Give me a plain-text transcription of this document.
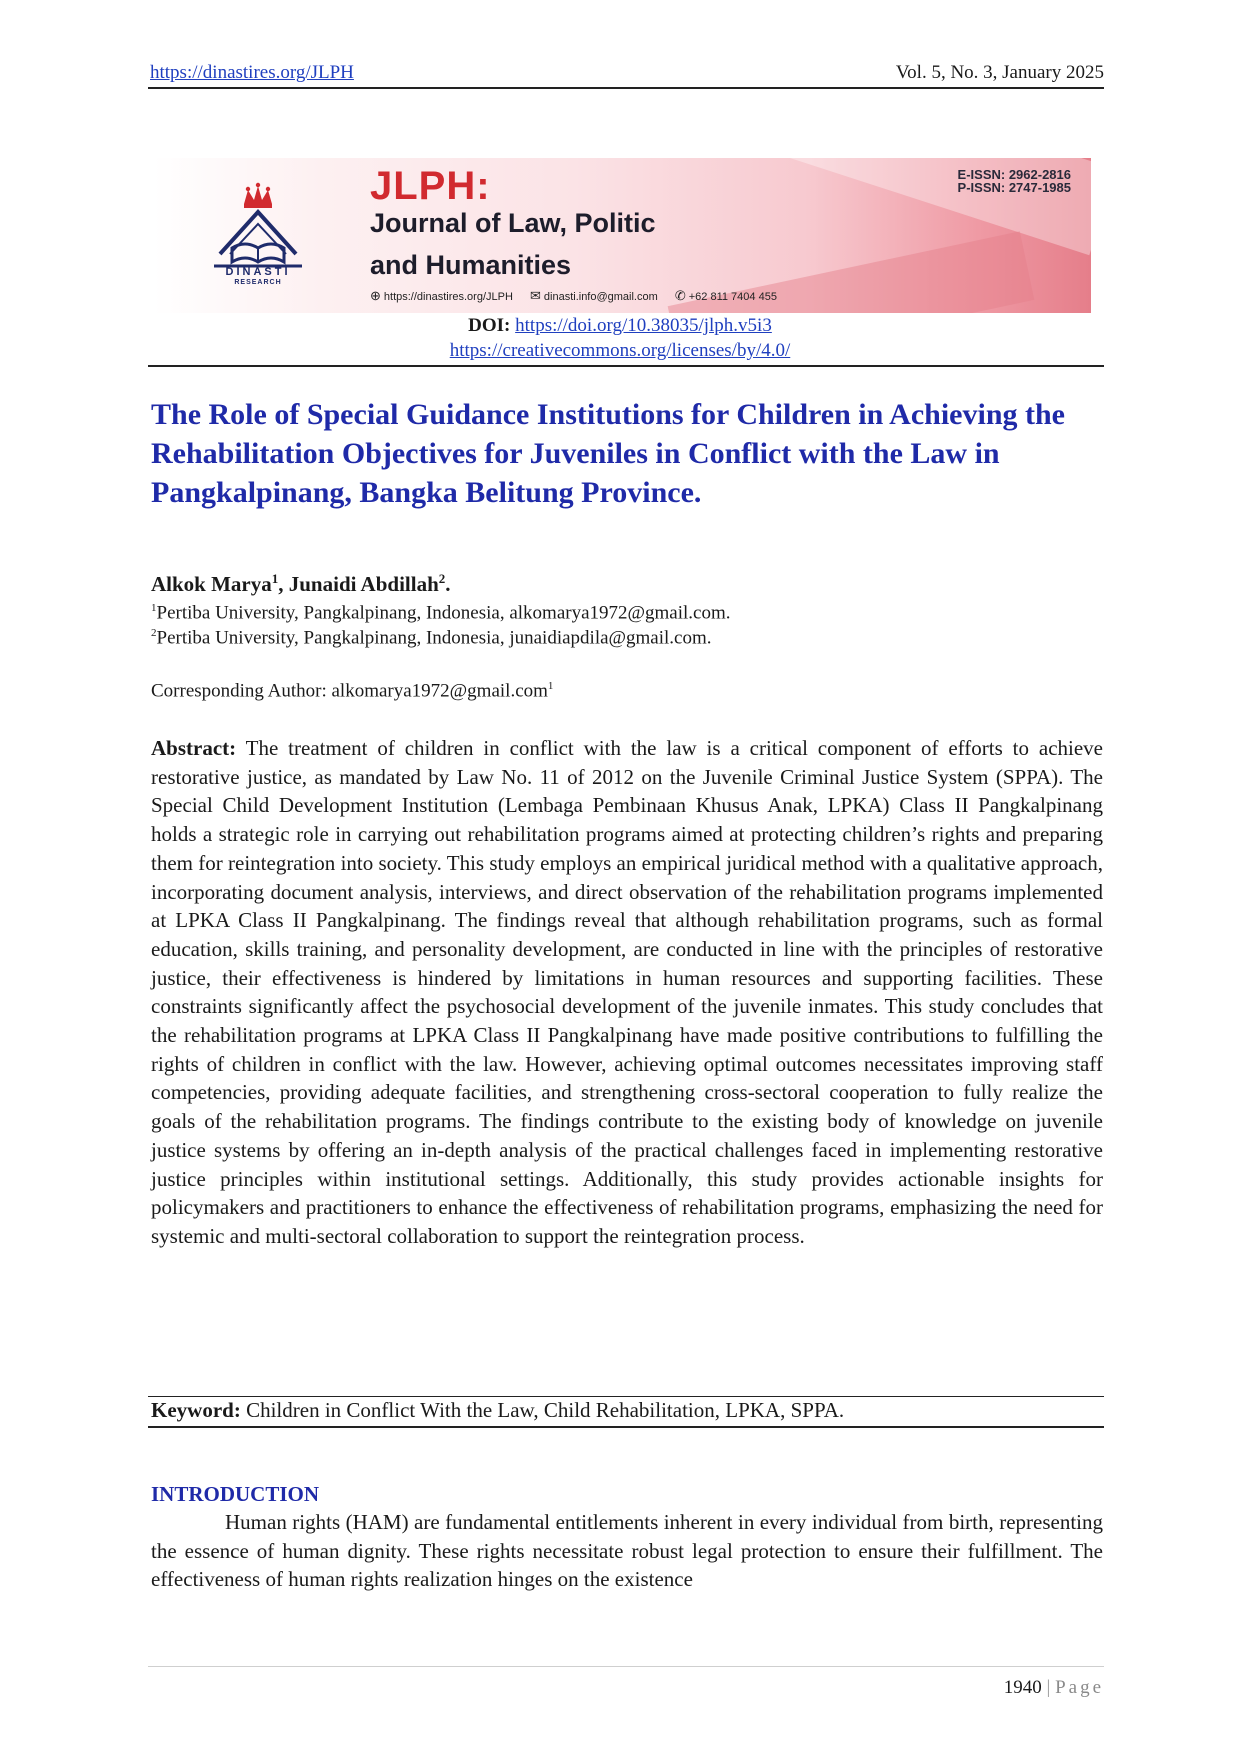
https://dinastires.org/JLPH	Vol. 5, No. 3, January 2025
DINASTI
RESEARCH
JLPH:
Journal of Law, Politic
and Humanities
E-ISSN: 2962-2816
P-ISSN: 2747-1985
⊕ https://dinastires.org/JLPH ✉ dinasti.info@gmail.com ✆ +62 811 7404 455
DOI: https://doi.org/10.38035/jlph.v5i3
https://creativecommons.org/licenses/by/4.0/
The Role of Special Guidance Institutions for Children in Achieving the Rehabilitation Objectives for Juveniles in Conflict with the Law in Pangkalpinang, Bangka Belitung Province.
Alkok Marya$^1$, Junaidi Abdillah$^2$.
$^1$Pertiba University, Pangkalpinang, Indonesia, alkomarya1972@gmail.com.
$^2$Pertiba University, Pangkalpinang, Indonesia, junaidiapdila@gmail.com.
Corresponding Author: alkomarya1972@gmail.com$^1$

Abstract: The treatment of children in conflict with the law is a critical component of efforts to achieve restorative justice, as mandated by Law No. 11 of 2012 on the Juvenile Criminal Justice System (SPPA). The Special Child Development Institution (Lembaga Pembinaan Khusus Anak, LPKA) Class II Pangkalpinang holds a strategic role in carrying out rehabilitation programs aimed at protecting children’s rights and preparing them for reintegration into society. This study employs an empirical juridical method with a qualitative approach, incorporating document analysis, interviews, and direct observation of the rehabilitation programs implemented at LPKA Class II Pangkalpinang. The findings reveal that although rehabilitation programs, such as formal education, skills training, and personality development, are conducted in line with the principles of restorative justice, their effectiveness is hindered by limitations in human resources and supporting facilities. These constraints significantly affect the psychosocial development of the juvenile inmates. This study concludes that the rehabilitation programs at LPKA Class II Pangkalpinang have made positive contributions to fulfilling the rights of children in conflict with the law. However, achieving optimal outcomes necessitates improving staff competencies, providing adequate facilities, and strengthening cross-sectoral cooperation to fully realize the goals of the rehabilitation programs. The findings contribute to the existing body of knowledge on juvenile justice systems by offering an in-depth analysis of the practical challenges faced in implementing restorative justice principles within institutional settings. Additionally, this study provides actionable insights for policymakers and practitioners to enhance the effectiveness of rehabilitation programs, emphasizing the need for systemic and multi-sectoral collaboration to support the reintegration process.

Keyword: Children in Conflict With the Law, Child Rehabilitation, LPKA, SPPA.
INTRODUCTION

Human rights (HAM) are fundamental entitlements inherent in every individual from birth, representing the essence of human dignity. These rights necessitate robust legal protection to ensure their fulfillment. The effectiveness of human rights realization hinges on the existence

1940 | Page
